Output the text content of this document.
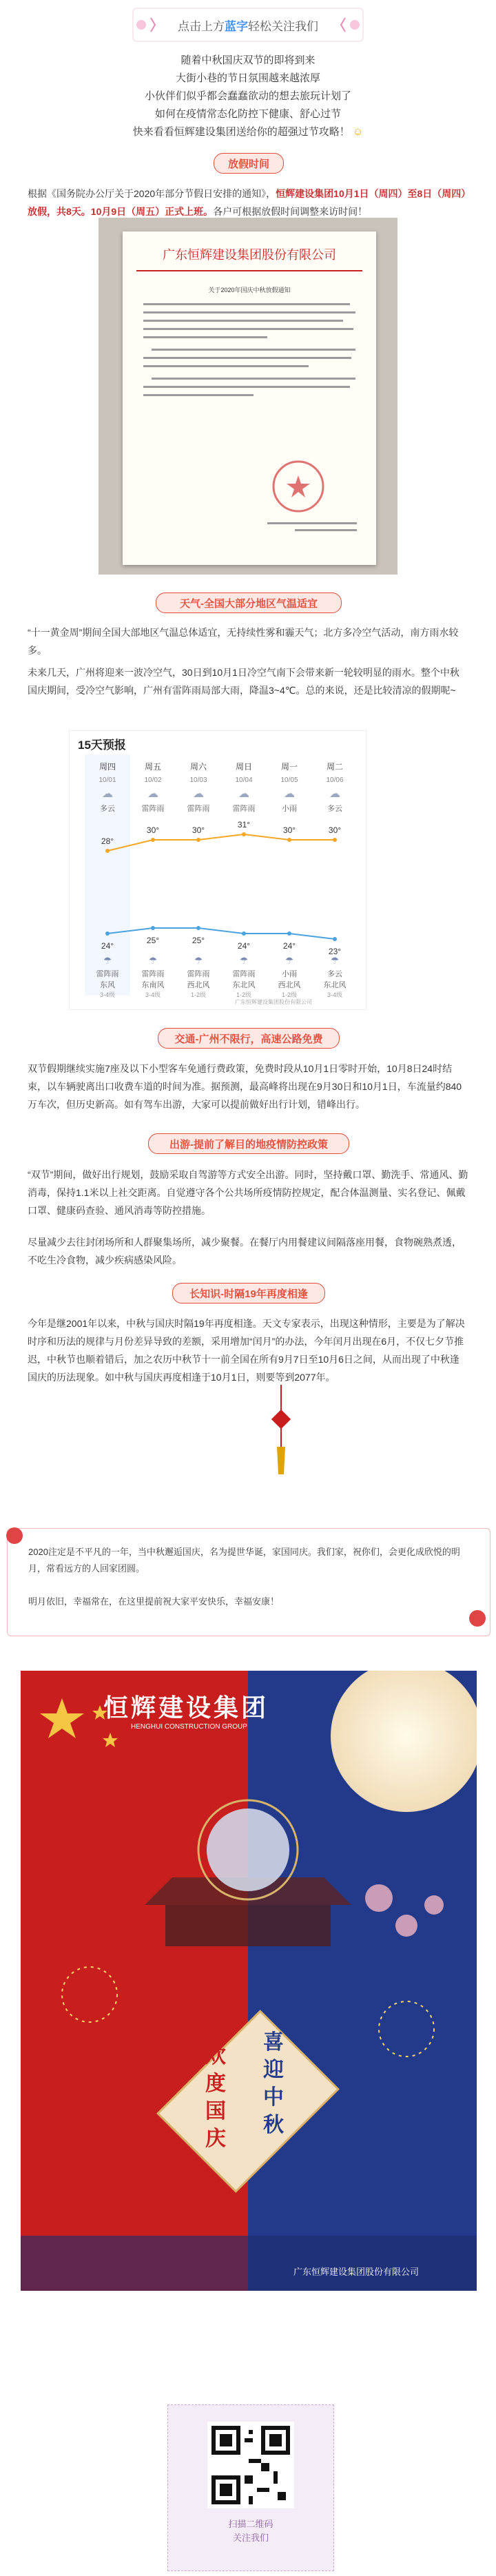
点击上方蓝字轻松关注我们

随着中秋国庆双节的即将到来

大街小巷的节日氛围越来越浓厚

小伙伴们似乎都会蠢蠢欲动的想去旅玩计划了

如何在疫情常态化防控下健康、舒心过节

快来看看恒辉建设集团送给你的超强过节攻略！ ☺

放假时间
根据《国务院办公厅关于2020年部分节假日安排的通知》，恒辉建设集团10月1日（周四）至8日（周四）放假，共8天。10月9日（周五）正式上班。各户可根据放假时间调整来访时间！
广东恒辉建设集团股份有限公司
关于2020年国庆中秋放假通知
天气-全国大部分地区气温适宜
“十一黄金周”期间全国大部地区气温总体适宜，无持续性雾和霾天气；北方多冷空气活动，南方雨水较多。
未来几天，广州将迎来一波冷空气，30日到10月1日冷空气南下会带来新一轮较明显的雨水。整个中秋国庆期间，受冷空气影响，广州有雷阵雨局部大雨，降温3~4℃。总的来说，还是比较清凉的假期呢~
15天预报
周四
10/01
☁
多云
28°
24°
☂
雷阵雨
东风
3-4级
周五
10/02
☁
雷阵雨
30°
25°
☂
雷阵雨
东南风
3-4级
周六
10/03
☁
雷阵雨
30°
25°
☂
雷阵雨
西北风
1-2级
周日
10/04
☁
雷阵雨
31°
24°
☂
雷阵雨
东北风
1-2级
周一
10/05
☁
小雨
30°
24°
☂
小雨
西北风
1-2级
周二
10/06
☁
多云
30°
23°
☂
多云
东北风
3-4级
广东恒辉建设集团股份有限公司
交通-广州不限行，高速公路免费
双节假期继续实施7座及以下小型客车免通行费政策，免费时段从10月1日零时开始，10月8日24时结束，以车辆驶离出口收费车道的时间为准。据预测，最高峰将出现在9月30日和10月1日，车流量约840万车次，但历史新高。如有驾车出游，大家可以提前做好出行计划，错峰出行。
出游-提前了解目的地疫情防控政策
“双节”期间，做好出行规划，鼓励采取自驾游等方式安全出游。同时，坚持戴口罩、勤洗手、常通风、勤消毒，保持1.1米以上社交距离。自觉遵守各个公共场所疫情防控规定，配合体温测量、实名登记、佩戴口罩、健康码查验、通风消毒等防控措施。
尽量减少去往封闭场所和人群聚集场所，减少聚餐。在餐厅内用餐建议间隔落座用餐，食物碗熟煮透，不吃生冷食物，减少疾病感染风险。
长知识-时隔19年再度相逢
今年是继2001年以来，中秋与国庆时隔19年再度相逢。天文专家表示，出现这种情形，主要是为了解决时序和历法的规律与月份差异导致的差额，采用增加“闰月”的办法，今年闰月出现在6月，不仅七夕节推迟，中秋节也顺着错后，加之农历中秋节十一前全国在所有9月7日至10月6日之间，从而出现了中秋逢国庆的历法现象。如中秋与国庆再度相逢于10月1日，则要等到2077年。
2020注定是不平凡的一年，当中秋邂逅国庆，名为提世华诞，家国同庆。我们家，祝你们，会更化成欣悦的明月，常看远方的人回家团圆。
明月依旧，幸福常在，在这里提前祝大家平安快乐，幸福安康！
恒辉建设集团
HENGHUI CONSTRUCTION GROUP
欢度国庆
喜迎中秋
广东恒辉建设集团股份有限公司
扫描二维码
关注我们
